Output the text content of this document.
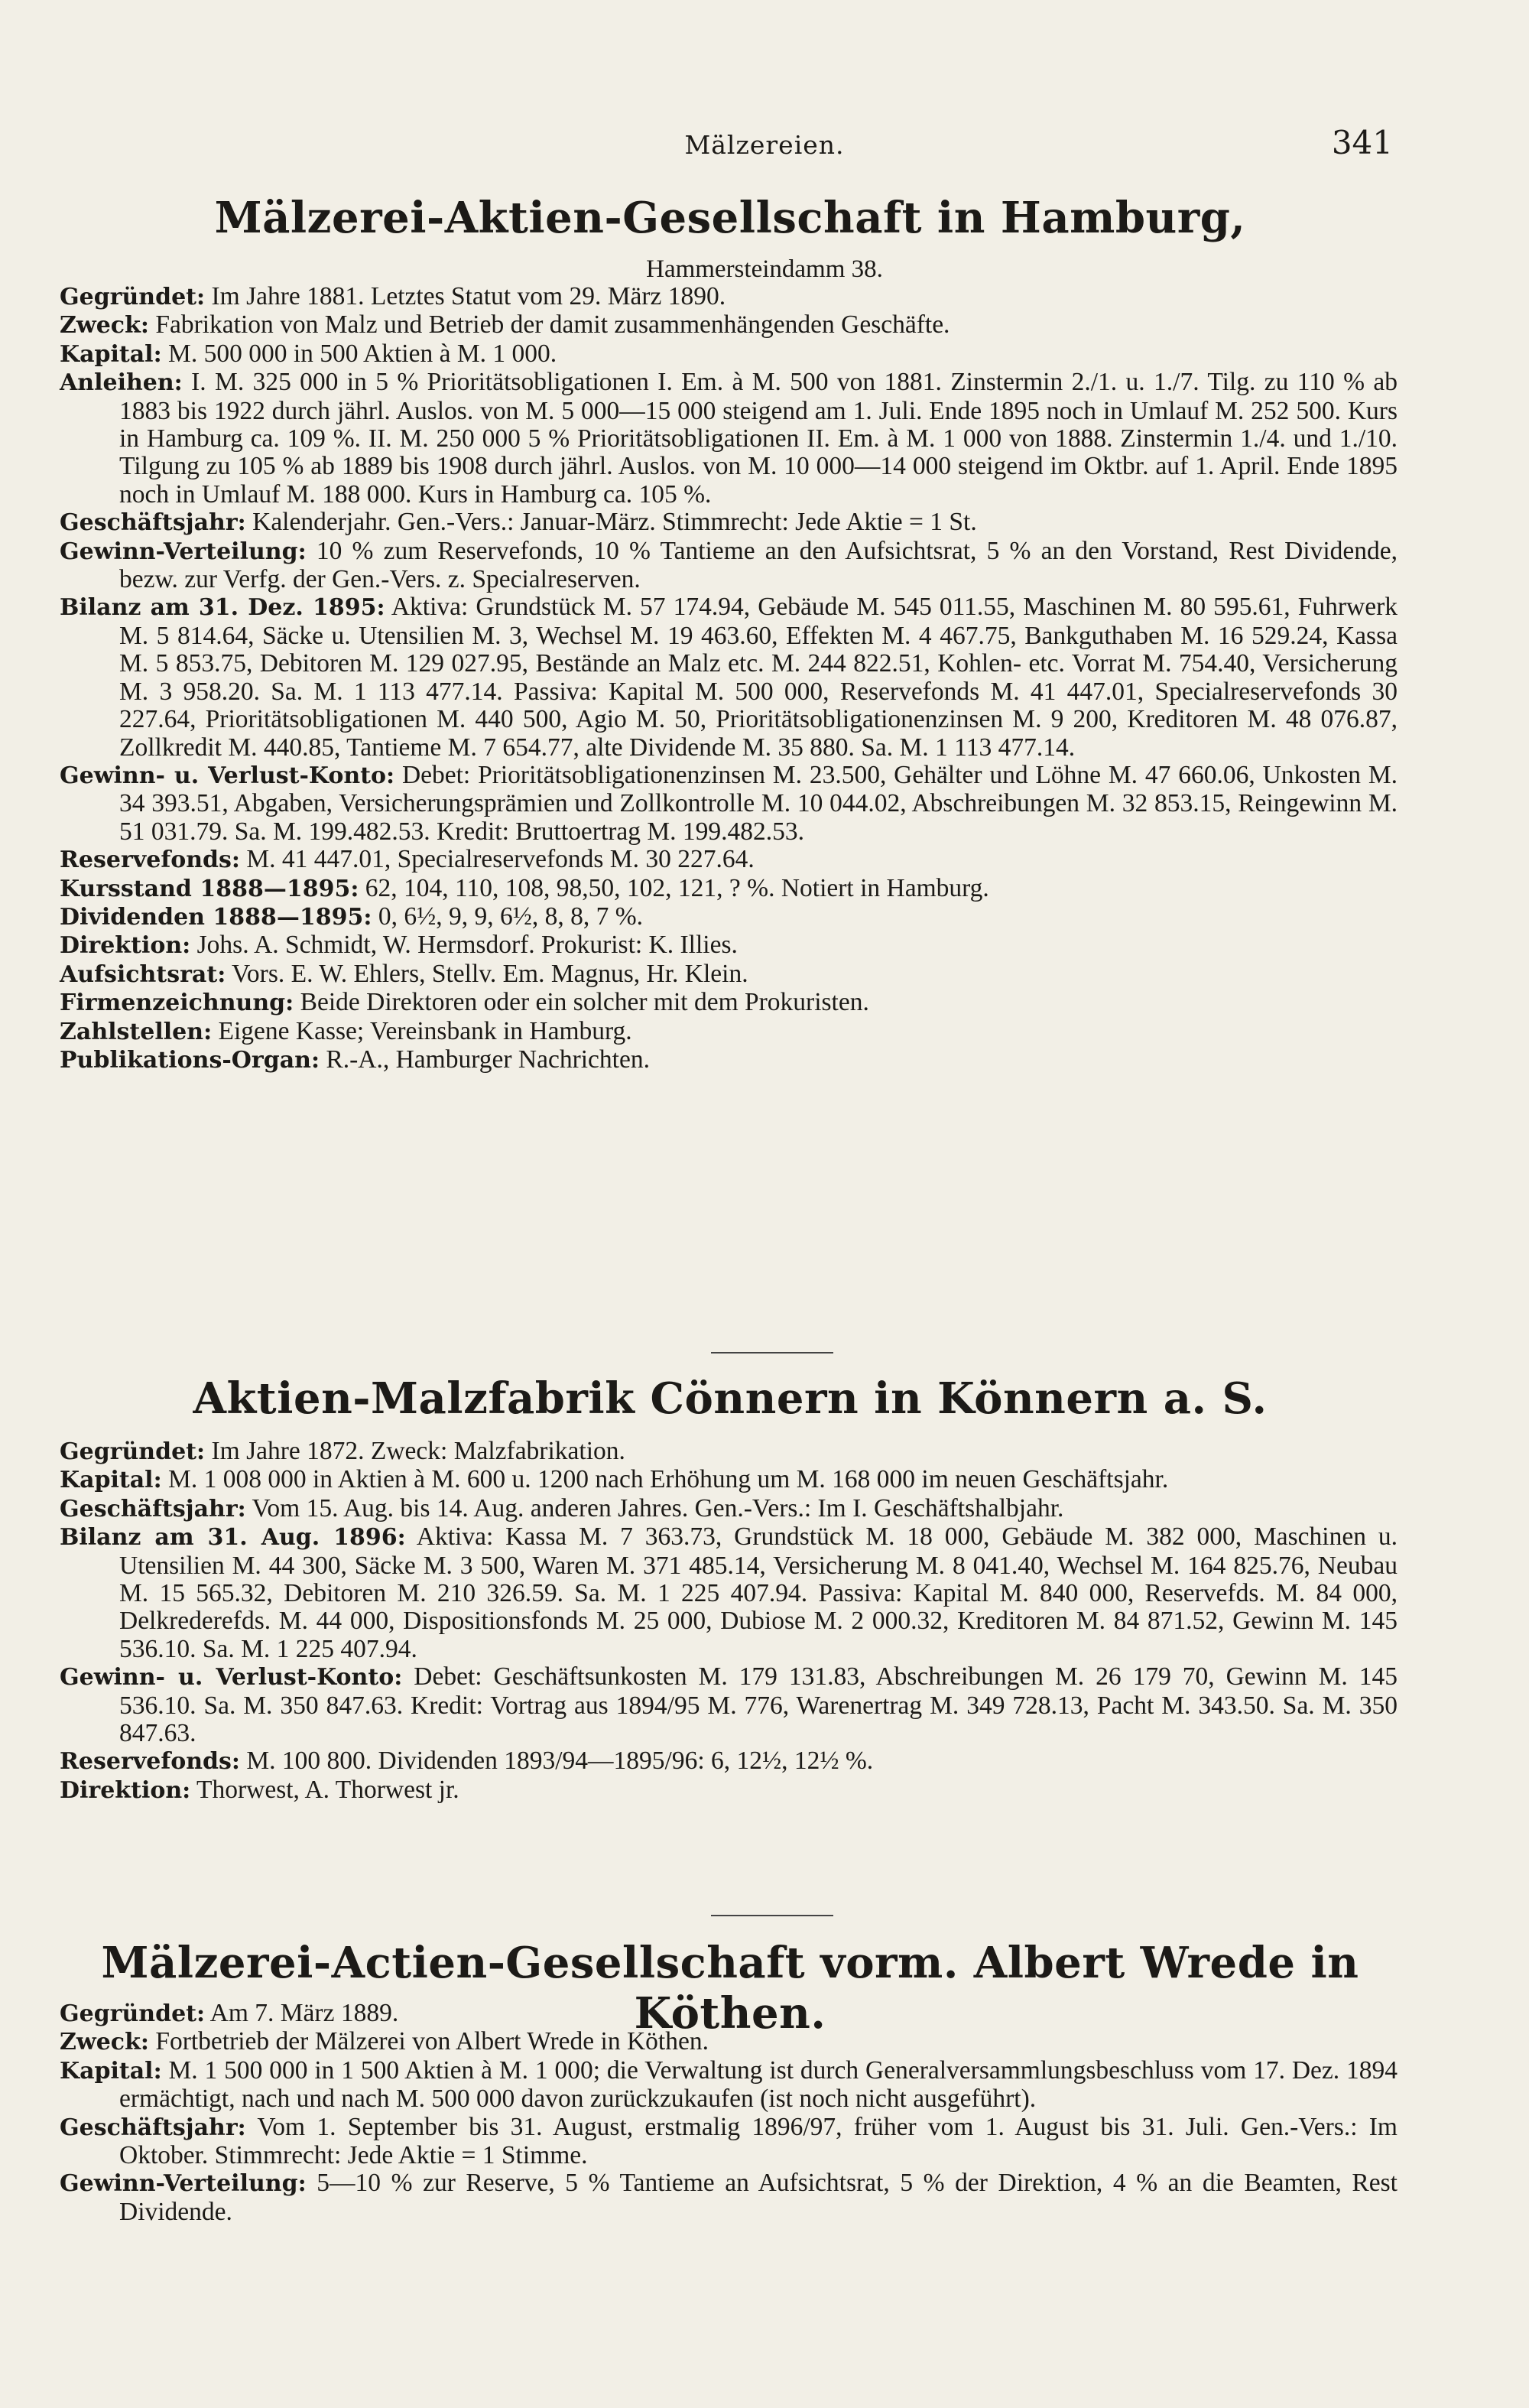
Mälzereien.	341
Mälzerei-Aktien-Gesellschaft in Hamburg,
Hammersteindamm 38.

Gegründet: Im Jahre 1881. Letztes Statut vom 29. März 1890.

Zweck: Fabrikation von Malz und Betrieb der damit zusammenhängenden Geschäfte.

Kapital: M. 500 000 in 500 Aktien à M. 1 000.

Anleihen: I. M. 325 000 in 5 % Prioritätsobligationen I. Em. à M. 500 von 1881. Zinstermin 2./1. u. 1./7. Tilg. zu 110 % ab 1883 bis 1922 durch jährl. Auslos. von M. 5 000—15 000 steigend am 1. Juli. Ende 1895 noch in Umlauf M. 252 500. Kurs in Hamburg ca. 109 %. II. M. 250 000 5 % Prioritätsobligationen II. Em. à M. 1 000 von 1888. Zinstermin 1./4. und 1./10. Tilgung zu 105 % ab 1889 bis 1908 durch jährl. Auslos. von M. 10 000—14 000 steigend im Oktbr. auf 1. April. Ende 1895 noch in Umlauf M. 188 000. Kurs in Hamburg ca. 105 %.

Geschäftsjahr: Kalenderjahr. Gen.-Vers.: Januar-März. Stimmrecht: Jede Aktie = 1 St.

Gewinn-Verteilung: 10 % zum Reservefonds, 10 % Tantieme an den Aufsichtsrat, 5 % an den Vorstand, Rest Dividende, bezw. zur Verfg. der Gen.-Vers. z. Specialreserven.

Bilanz am 31. Dez. 1895: Aktiva: Grundstück M. 57 174.94, Gebäude M. 545 011.55, Maschinen M. 80 595.61, Fuhrwerk M. 5 814.64, Säcke u. Utensilien M. 3, Wechsel M. 19 463.60, Effekten M. 4 467.75, Bankguthaben M. 16 529.24, Kassa M. 5 853.75, Debitoren M. 129 027.95, Bestände an Malz etc. M. 244 822.51, Kohlen- etc. Vorrat M. 754.40, Versicherung M. 3 958.20. Sa. M. 1 113 477.14. Passiva: Kapital M. 500 000, Reservefonds M. 41 447.01, Specialreservefonds 30 227.64, Prioritätsobligationen M. 440 500, Agio M. 50, Prioritätsobligationenzinsen M. 9 200, Kreditoren M. 48 076.87, Zollkredit M. 440.85, Tantieme M. 7 654.77, alte Dividende M. 35 880. Sa. M. 1 113 477.14.

Gewinn- u. Verlust-Konto: Debet: Prioritätsobligationenzinsen M. 23.500, Gehälter und Löhne M. 47 660.06, Unkosten M. 34 393.51, Abgaben, Versicherungsprämien und Zollkontrolle M. 10 044.02, Abschreibungen M. 32 853.15, Reingewinn M. 51 031.79. Sa. M. 199.482.53. Kredit: Bruttoertrag M. 199.482.53.

Reservefonds: M. 41 447.01, Specialreservefonds M. 30 227.64.

Kursstand 1888—1895: 62, 104, 110, 108, 98,50, 102, 121, ? %. Notiert in Hamburg.

Dividenden 1888—1895: 0, 6½, 9, 9, 6½, 8, 8, 7 %.

Direktion: Johs. A. Schmidt, W. Hermsdorf. Prokurist: K. Illies.

Aufsichtsrat: Vors. E. W. Ehlers, Stellv. Em. Magnus, Hr. Klein.

Firmenzeichnung: Beide Direktoren oder ein solcher mit dem Prokuristen.

Zahlstellen: Eigene Kasse; Vereinsbank in Hamburg.

Publikations-Organ: R.-A., Hamburger Nachrichten.

Aktien-Malzfabrik Cönnern in Könnern a. S.

Gegründet: Im Jahre 1872. Zweck: Malzfabrikation.

Kapital: M. 1 008 000 in Aktien à M. 600 u. 1200 nach Erhöhung um M. 168 000 im neuen Geschäftsjahr.

Geschäftsjahr: Vom 15. Aug. bis 14. Aug. anderen Jahres. Gen.-Vers.: Im I. Geschäftshalbjahr.

Bilanz am 31. Aug. 1896: Aktiva: Kassa M. 7 363.73, Grundstück M. 18 000, Gebäude M. 382 000, Maschinen u. Utensilien M. 44 300, Säcke M. 3 500, Waren M. 371 485.14, Versicherung M. 8 041.40, Wechsel M. 164 825.76, Neubau M. 15 565.32, Debitoren M. 210 326.59. Sa. M. 1 225 407.94. Passiva: Kapital M. 840 000, Reservefds. M. 84 000, Delkrederefds. M. 44 000, Dispositionsfonds M. 25 000, Dubiose M. 2 000.32, Kreditoren M. 84 871.52, Gewinn M. 145 536.10. Sa. M. 1 225 407.94.

Gewinn- u. Verlust-Konto: Debet: Geschäftsunkosten M. 179 131.83, Abschreibungen M. 26 179 70, Gewinn M. 145 536.10. Sa. M. 350 847.63. Kredit: Vortrag aus 1894/95 M. 776, Warenertrag M. 349 728.13, Pacht M. 343.50. Sa. M. 350 847.63.

Reservefonds: M. 100 800. Dividenden 1893/94—1895/96: 6, 12½, 12½ %.

Direktion: Thorwest, A. Thorwest jr.

Mälzerei-Actien-Gesellschaft vorm. Albert Wrede in Köthen.

Gegründet: Am 7. März 1889.

Zweck: Fortbetrieb der Mälzerei von Albert Wrede in Köthen.

Kapital: M. 1 500 000 in 1 500 Aktien à M. 1 000; die Verwaltung ist durch Generalversammlungsbeschluss vom 17. Dez. 1894 ermächtigt, nach und nach M. 500 000 davon zurückzukaufen (ist noch nicht ausgeführt).

Geschäftsjahr: Vom 1. September bis 31. August, erstmalig 1896/97, früher vom 1. August bis 31. Juli. Gen.-Vers.: Im Oktober. Stimmrecht: Jede Aktie = 1 Stimme.

Gewinn-Verteilung: 5—10 % zur Reserve, 5 % Tantieme an Aufsichtsrat, 5 % der Direktion, 4 % an die Beamten, Rest Dividende.
